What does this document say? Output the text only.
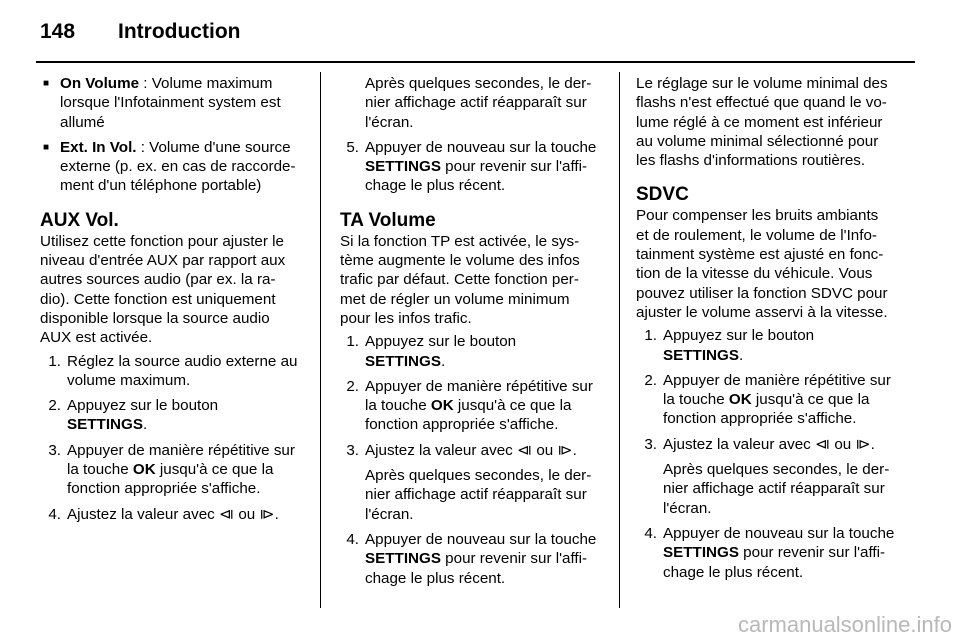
148 Introduction

■ On Volume : Volume maximum
lorsque l'Infotainment system est
allumé

■ Ext. In Vol. : Volume d'une source
externe (p. ex. en cas de raccorde-
ment d'un téléphone portable)

AUX Vol.

Utilisez cette fonction pour ajuster le
niveau d'entrée AUX par rapport aux
autres sources audio (par ex. la ra-
dio). Cette fonction est uniquement
disponible lorsque la source audio
AUX est activée.

1. Réglez la source audio externe au
volume maximum.

2. Appuyez sur le bouton
SETTINGS.

3. Appuyer de manière répétitive sur
la touche OK jusqu'à ce que la
fonction appropriée s'affiche.

4. Ajustez la valeur avec ⧏ ou ⧐.

Après quelques secondes, le der-
nier affichage actif réapparaît sur
l'écran.

5. Appuyer de nouveau sur la touche
SETTINGS pour revenir sur l'affi-
chage le plus récent.

TA Volume

Si la fonction TP est activée, le sys-
tème augmente le volume des infos
trafic par défaut. Cette fonction per-
met de régler un volume minimum
pour les infos trafic.

1. Appuyez sur le bouton
SETTINGS.

2. Appuyer de manière répétitive sur
la touche OK jusqu'à ce que la
fonction appropriée s'affiche.

3. Ajustez la valeur avec ⧏ ou ⧐.

Après quelques secondes, le der-
nier affichage actif réapparaît sur
l'écran.

4. Appuyer de nouveau sur la touche
SETTINGS pour revenir sur l'affi-
chage le plus récent.

Le réglage sur le volume minimal des
flashs n'est effectué que quand le vo-
lume réglé à ce moment est inférieur
au volume minimal sélectionné pour
les flashs d'informations routières.

SDVC

Pour compenser les bruits ambiants
et de roulement, le volume de l'Info-
tainment système est ajusté en fonc-
tion de la vitesse du véhicule. Vous
pouvez utiliser la fonction SDVC pour
ajuster le volume asservi à la vitesse.

1. Appuyez sur le bouton
SETTINGS.

2. Appuyer de manière répétitive sur
la touche OK jusqu'à ce que la
fonction appropriée s'affiche.

3. Ajustez la valeur avec ⧏ ou ⧐.

Après quelques secondes, le der-
nier affichage actif réapparaît sur
l'écran.

4. Appuyer de nouveau sur la touche
SETTINGS pour revenir sur l'affi-
chage le plus récent.

carmanualsonline.info
